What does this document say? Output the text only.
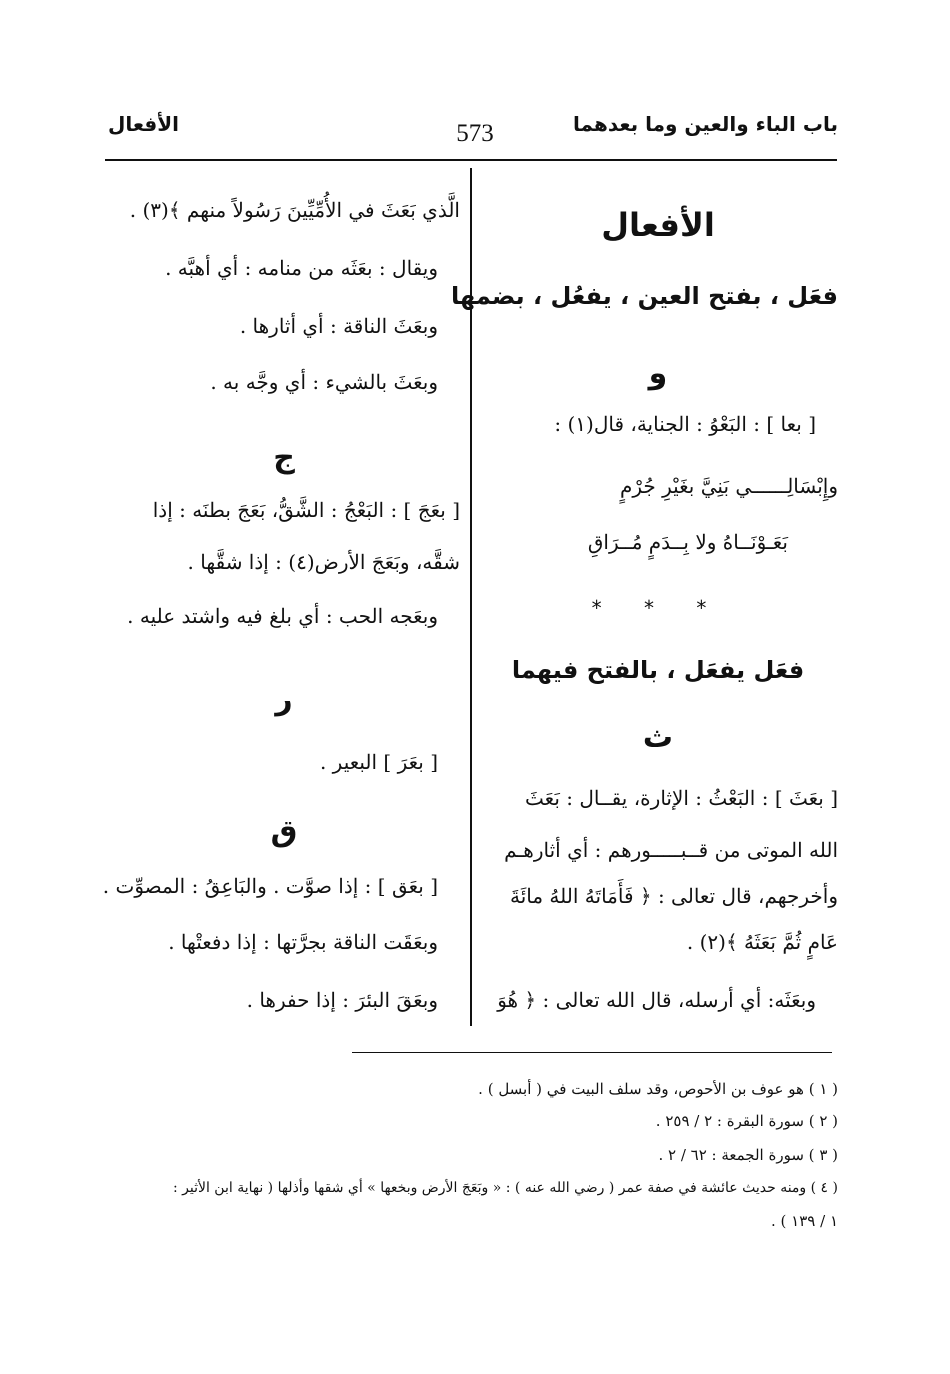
باب الباء والعين وما بعدهما
573
الأفعال
الأفعال
فعَل ، بفتح العين ، يفعُل ، بضمها
و
[ بعا ] : البَعْوُ : الجناية، قال(١) :
وإِبْسَالِــــــي بَنِيَّ بغَيْرِ جُرْمٍ
بَعَـوْنَــاهُ ولا بِــدَمٍ مُــرَاقِ
* * *
فعَل يفعَل ، بالفتح فيهما
ث
[ بعَثَ ] : البَعْثُ : الإثارة، يقــال : بَعَثَ
الله الموتى من قــبـــــورهم : أي أثارهـم
وأخرجهم، قال تعالى : ﴿ فَأَمَاتَهُ اللهُ مائَةَ
عَامٍ ثُمَّ بَعَثَهُ ﴾(٢) .
وبعَثَه: أي أرسله، قال الله تعالى : ﴿ هُوَ
الَّذي بَعَثَ في الأُمِّيِّينَ رَسُولاً منهم ﴾(٣) .
ويقال : بعَثَه من منامه : أي أهبَّه .
وبعَثَ الناقة : أي أثارها .
وبعَثَ بالشيء : أي وجَّه به .
ج
[ بعَجَ ] : البَعْجُ : الشَّقُّ، بَعَجَ بطنَه : إذا
شقَّه، وبَعَجَ الأرض(٤) : إذا شقَّها .
وبعَجه الحب : أي بلغ فيه واشتد عليه .
ر
[ بعَرَ ] البعير .
ق
[ بعَق ] : إذا صوَّت . والبَاعِقُ : المصوِّت .
وبعَقَت الناقة بجرَّتها : إذا دفعتْها .
وبعَقَ البئرَ : إذا حفرها .
( ١ ) هو عوف بن الأحوص، وقد سلف البيت في ( أبسل ) .
( ٢ ) سورة البقرة : ٢ / ٢٥٩ .
( ٣ ) سورة الجمعة : ٦٢ / ٢ .
( ٤ ) ومنه حديث عائشة في صفة عمر ( رضي الله عنه ) : « وبَعَجَ الأرض وبخعها » أي شقها وأذلها ( نهاية ابن الأثير :
١ / ١٣٩ ) .
